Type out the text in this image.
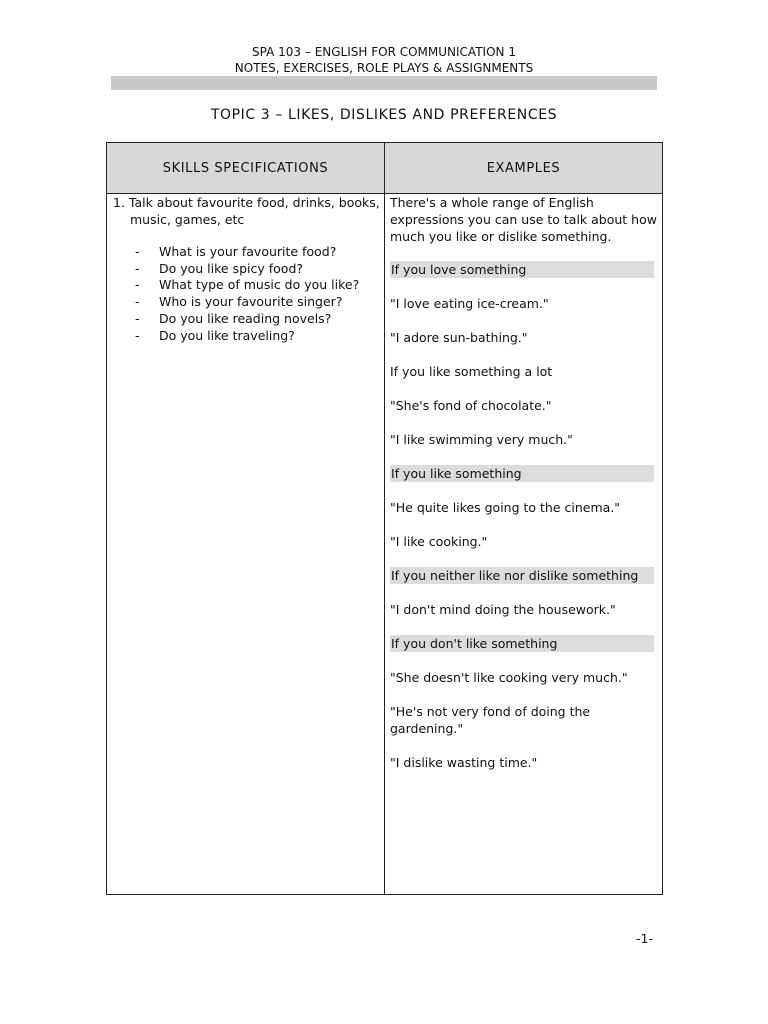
SPA 103 – ENGLISH FOR COMMUNICATION 1
NOTES, EXERCISES, ROLE PLAYS & ASSIGNMENTS
TOPIC 3 – LIKES, DISLIKES AND PREFERENCES
SKILLS SPECIFICATIONS	EXAMPLES
1. Talk about favourite food, drinks, books,
music, games, etc
- What is your favourite food?
- Do you like spicy food?
- What type of music do you like?
- Who is your favourite singer?
- Do you like reading novels?
- Do you like traveling?

There's a whole range of English expressions you can use to talk about how much you like or dislike something.

If you love something

"I love eating ice-cream."

"I adore sun-bathing."

If you like something a lot

"She's fond of chocolate."

"I like swimming very much."

If you like something

"He quite likes going to the cinema."

"I like cooking."

If you neither like nor dislike something

"I don't mind doing the housework."

If you don't like something

"She doesn't like cooking very much."

"He's not very fond of doing the gardening."

"I dislike wasting time."

-1-
